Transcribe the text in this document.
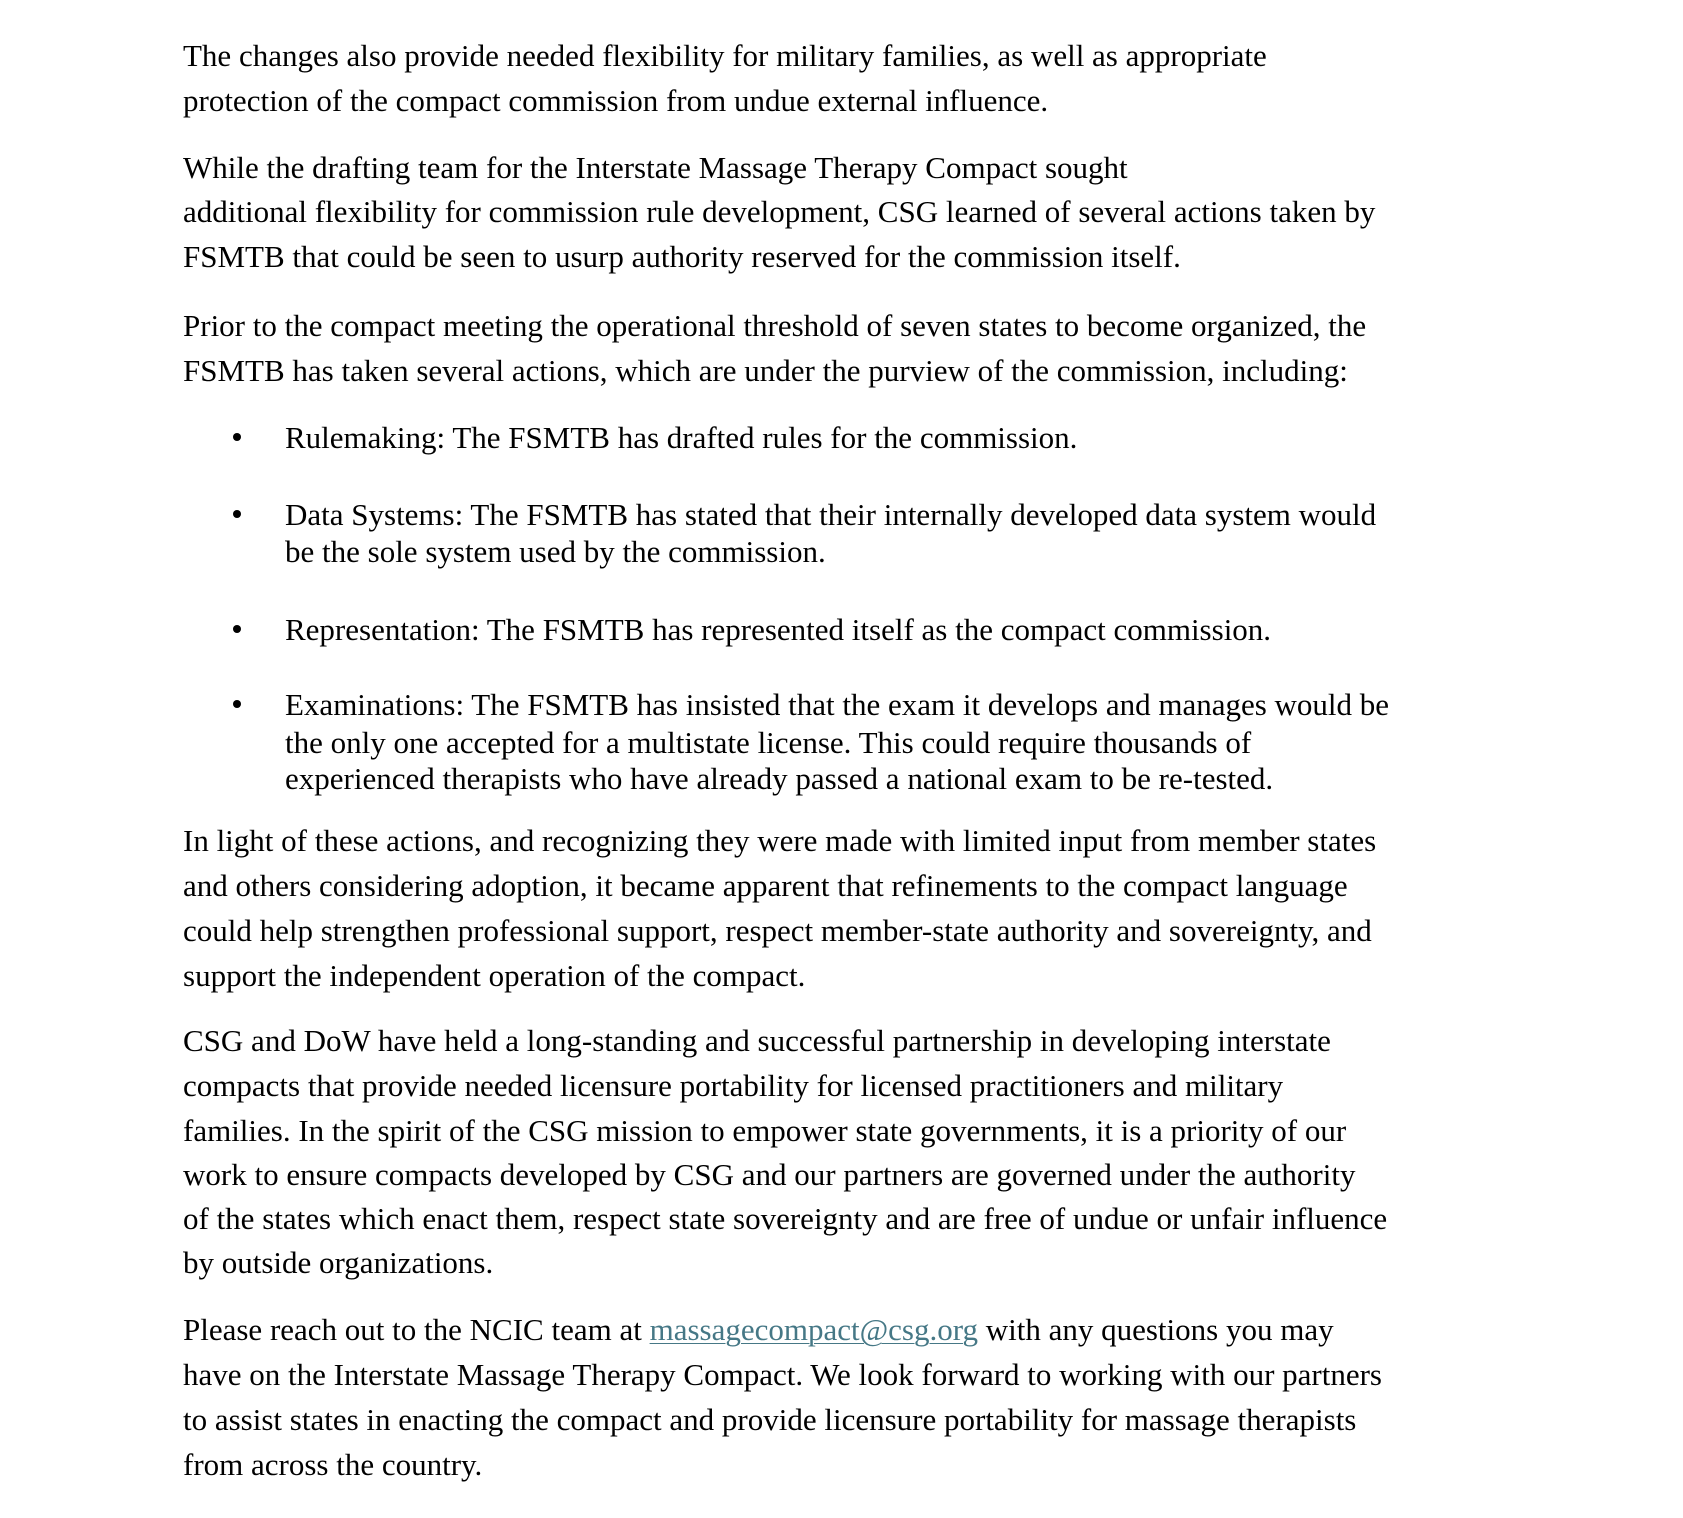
The changes also provide needed flexibility for military families, as well as appropriate
protection of the compact commission from undue external influence.
While the drafting team for the Interstate Massage Therapy Compact sought
additional flexibility for commission rule development, CSG learned of several actions taken by
FSMTB that could be seen to usurp authority reserved for the commission itself.
Prior to the compact meeting the operational threshold of seven states to become organized, the
FSMTB has taken several actions, which are under the purview of the commission, including:
Rulemaking: The FSMTB has drafted rules for the commission.
Data Systems: The FSMTB has stated that their internally developed data system would
be the sole system used by the commission.
Representation: The FSMTB has represented itself as the compact commission.
Examinations: The FSMTB has insisted that the exam it develops and manages would be
the only one accepted for a multistate license. This could require thousands of
experienced therapists who have already passed a national exam to be re-tested.
In light of these actions, and recognizing they were made with limited input from member states
and others considering adoption, it became apparent that refinements to the compact language
could help strengthen professional support, respect member-state authority and sovereignty, and
support the independent operation of the compact.
CSG and DoW have held a long-standing and successful partnership in developing interstate
compacts that provide needed licensure portability for licensed practitioners and military
families. In the spirit of the CSG mission to empower state governments, it is a priority of our
work to ensure compacts developed by CSG and our partners are governed under the authority
of the states which enact them, respect state sovereignty and are free of undue or unfair influence
by outside organizations.
Please reach out to the NCIC team at massagecompact@csg.org with any questions you may
have on the Interstate Massage Therapy Compact. We look forward to working with our partners
to assist states in enacting the compact and provide licensure portability for massage therapists
from across the country.
